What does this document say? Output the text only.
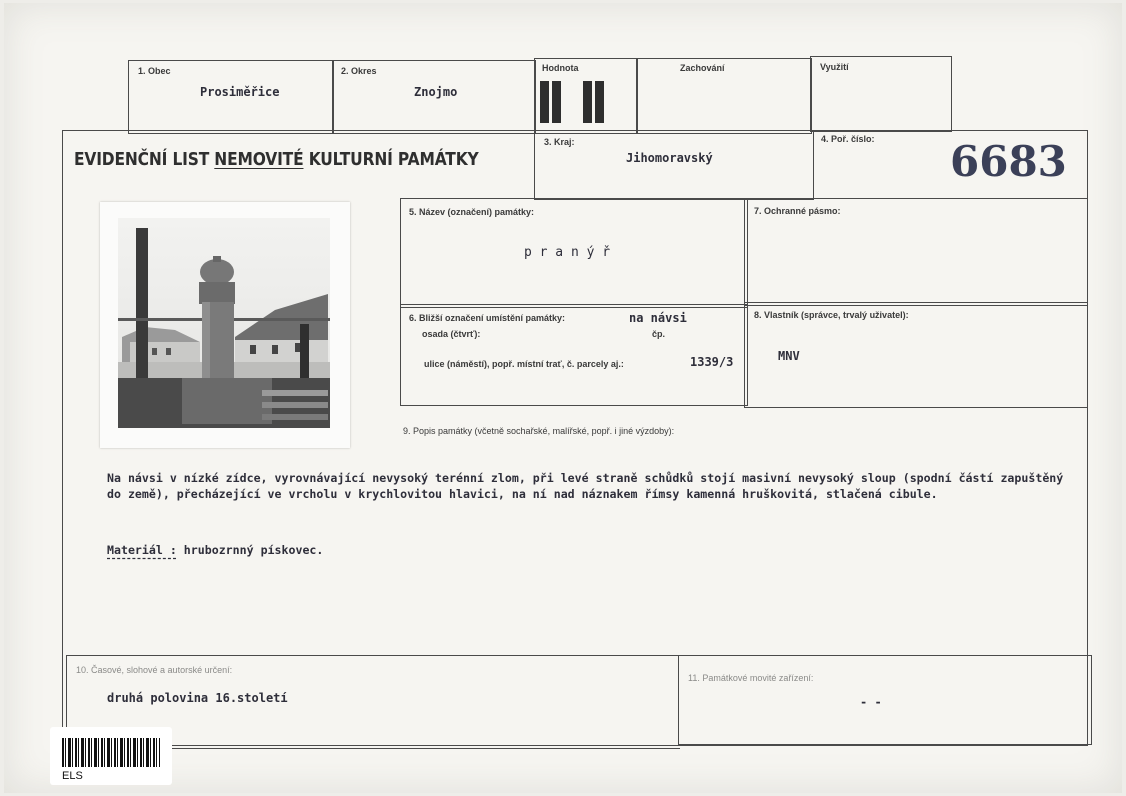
1. Obec
Prosiměřice
2. Okres
Znojmo
Hodnota	Zachování	Využití
EVIDENČNÍ LIST NEMOVITÉ KULTURNÍ PAMÁTKY
3. Kraj:
Jihomoravský
4. Poř. číslo: 6683
5. Název (označení) památky:
p r a n ý ř
7. Ochranné pásmo:
6. Bližší označení umístění památky:	na návsi
osada (čtvrť):	čp.
ulice (náměstí), popř. místní trať, č. parcely aj.:	1339/3
8. Vlastník (správce, trvalý uživatel):
MNV
9. Popis památky (včetně sochařské, malířské, popř. i jiné výzdoby):
Na návsi v nízké zídce, vyrovnávající nevysoký terénní zlom, při levé straně schůdků stojí masivní nevysoký sloup (spodní částí zapuštěný do země), přecházející ve vrcholu v krychlovitou hlavici, na ní nad náznakem římsy kamenná hruškovitá, stlačená cibule.
Materiál : hrubozrnný pískovec.
10. Časové, slohové a autorské určení:
druhá polovina 16.století
11. Památkové movité zařízení:
- -
ELS
